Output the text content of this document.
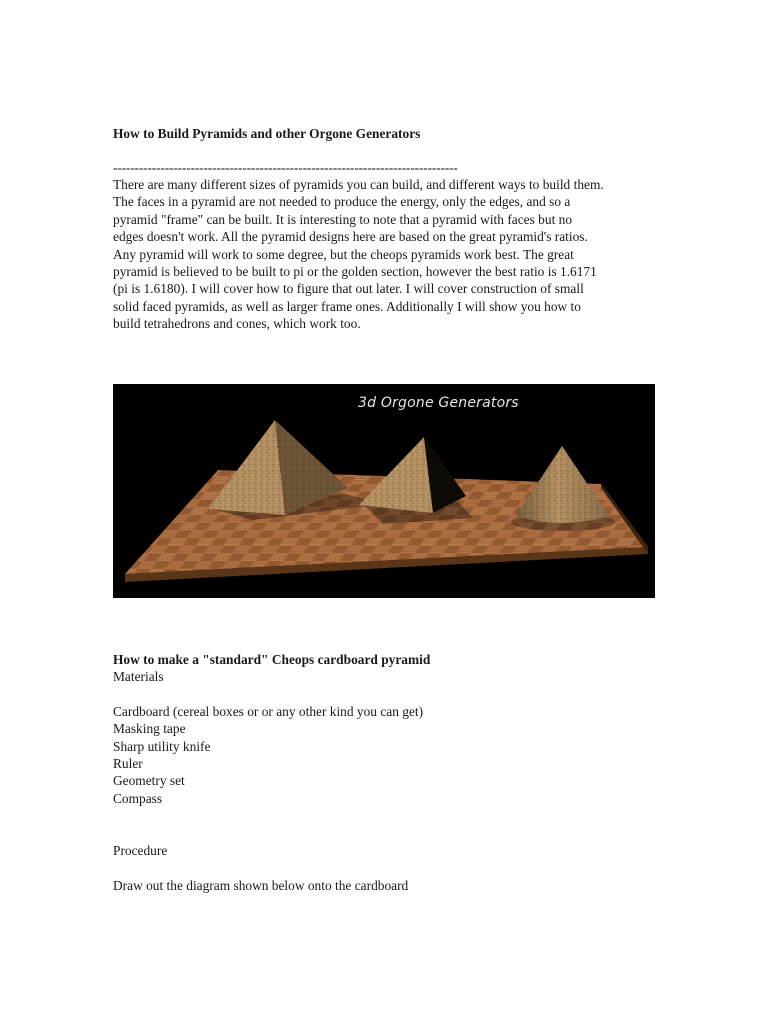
How to Build Pyramids and other Orgone Generators
--------------------------------------------------------------------------------
There are many different sizes of pyramids you can build, and different ways to build them.
The faces in a pyramid are not needed to produce the energy, only the edges, and so a
pyramid "frame" can be built. It is interesting to note that a pyramid with faces but no
edges doesn't work. All the pyramid designs here are based on the great pyramid's ratios.
Any pyramid will work to some degree, but the cheops pyramids work best. The great
pyramid is believed to be built to pi or the golden section, however the best ratio is 1.6171
(pi is 1.6180). I will cover how to figure that out later. I will cover construction of small
solid faced pyramids, as well as larger frame ones. Additionally I will show you how to
build tetrahedrons and cones, which work too.
3d Orgone Generators
How to make a "standard" Cheops cardboard pyramid
Materials
Cardboard (cereal boxes or or any other kind you can get)
Masking tape
Sharp utility knife
Ruler
Geometry set
Compass
Procedure
Draw out the diagram shown below onto the cardboard
